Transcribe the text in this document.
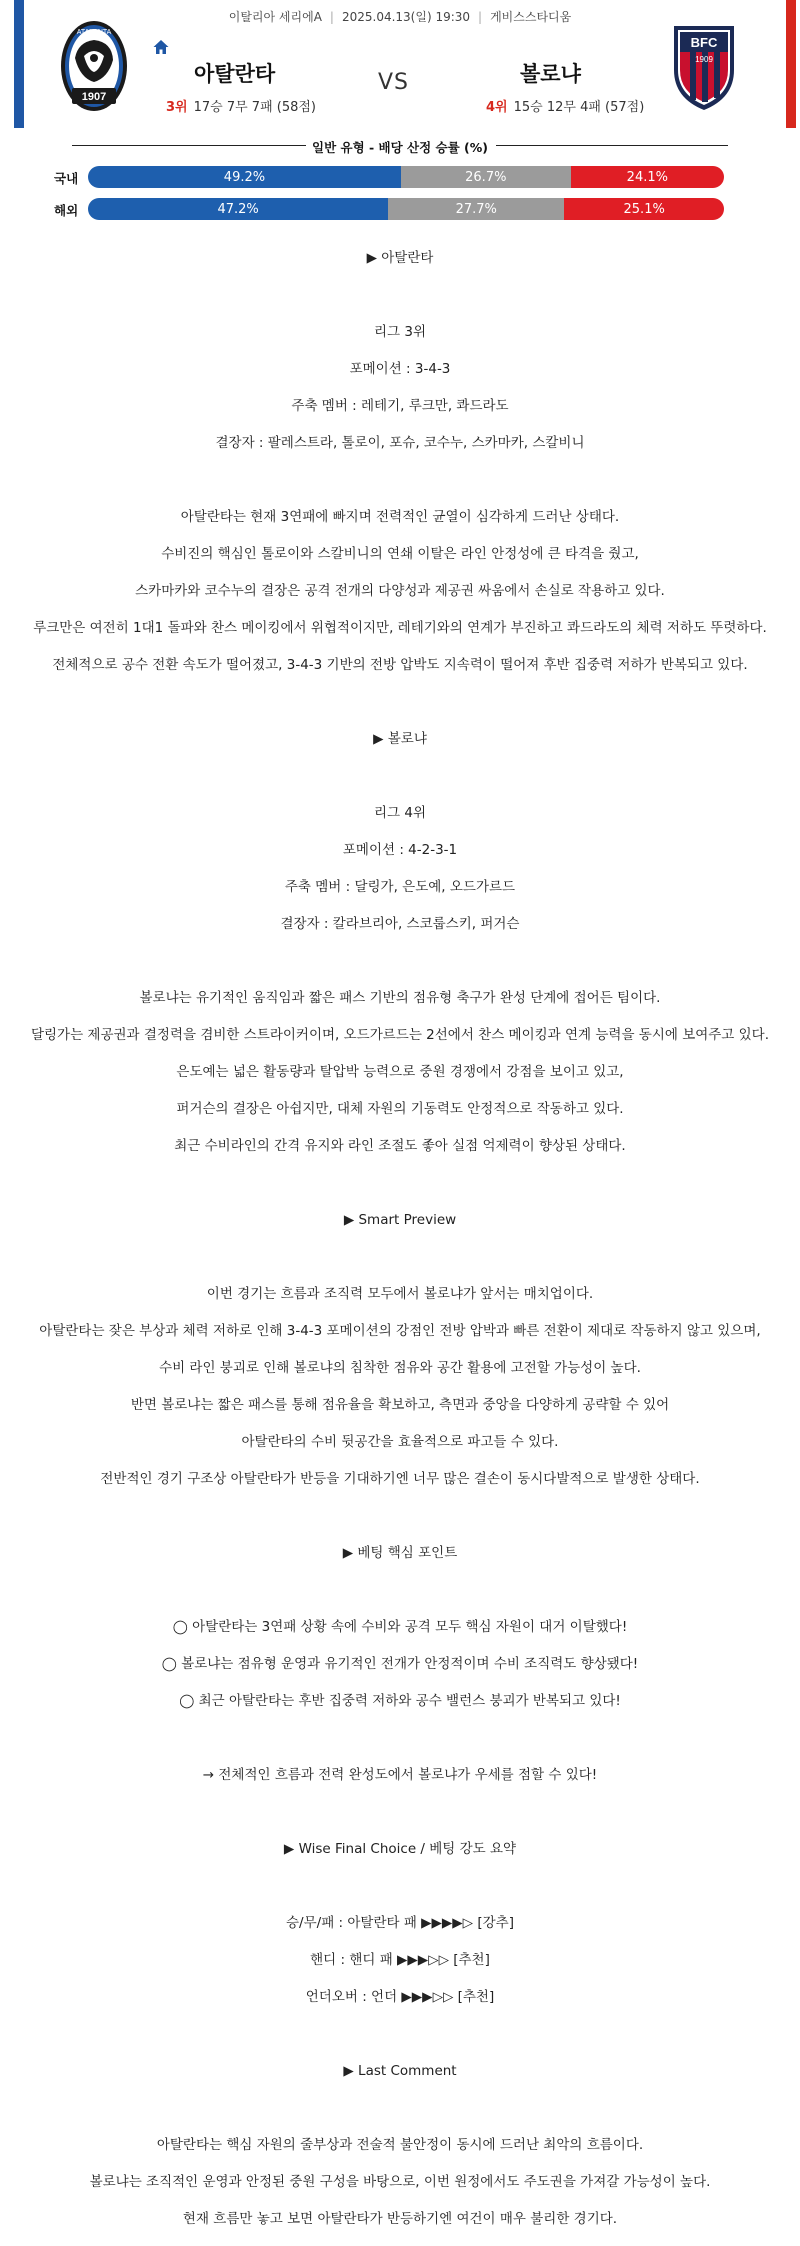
이탈리아 세리에A | 2025.04.13(일) 19:30 | 게비스스타디움
ATALANTA
1907
BFC
1909
아탈란타	VS	볼로냐
3위 17승 7무 7패 (58점)	4위 15승 12무 4패 (57점)
일반 유형 - 배당 산정 승률 (%)
국내	49.2%	26.7%	24.1%
해외	47.2%	27.7%	25.1%
▶ 아탈란타
리그 3위
포메이션 : 3-4-3
주축 멤버 : 레테기, 루크만, 콰드라도
결장자 : 팔레스트라, 톨로이, 포슈, 코수누, 스카마카, 스칼비니
아탈란타는 현재 3연패에 빠지며 전력적인 균열이 심각하게 드러난 상태다.
수비진의 핵심인 톨로이와 스칼비니의 연쇄 이탈은 라인 안정성에 큰 타격을 줬고,
스카마카와 코수누의 결장은 공격 전개의 다양성과 제공권 싸움에서 손실로 작용하고 있다.
루크만은 여전히 1대1 돌파와 찬스 메이킹에서 위협적이지만, 레테기와의 연계가 부진하고 콰드라도의 체력 저하도 뚜렷하다.
전체적으로 공수 전환 속도가 떨어졌고, 3-4-3 기반의 전방 압박도 지속력이 떨어져 후반 집중력 저하가 반복되고 있다.
▶ 볼로냐
리그 4위
포메이션 : 4-2-3-1
주축 멤버 : 달링가, 은도예, 오드가르드
결장자 : 칼라브리아, 스코룹스키, 퍼거슨
볼로냐는 유기적인 움직임과 짧은 패스 기반의 점유형 축구가 완성 단계에 접어든 팀이다.
달링가는 제공권과 결정력을 겸비한 스트라이커이며, 오드가르드는 2선에서 찬스 메이킹과 연계 능력을 동시에 보여주고 있다.
은도예는 넓은 활동량과 탈압박 능력으로 중원 경쟁에서 강점을 보이고 있고,
퍼거슨의 결장은 아쉽지만, 대체 자원의 기동력도 안정적으로 작동하고 있다.
최근 수비라인의 간격 유지와 라인 조절도 좋아 실점 억제력이 향상된 상태다.
▶ Smart Preview
이번 경기는 흐름과 조직력 모두에서 볼로냐가 앞서는 매치업이다.
아탈란타는 잦은 부상과 체력 저하로 인해 3-4-3 포메이션의 강점인 전방 압박과 빠른 전환이 제대로 작동하지 않고 있으며,
수비 라인 붕괴로 인해 볼로냐의 침착한 점유와 공간 활용에 고전할 가능성이 높다.
반면 볼로냐는 짧은 패스를 통해 점유율을 확보하고, 측면과 중앙을 다양하게 공략할 수 있어
아탈란타의 수비 뒷공간을 효율적으로 파고들 수 있다.
전반적인 경기 구조상 아탈란타가 반등을 기대하기엔 너무 많은 결손이 동시다발적으로 발생한 상태다.
▶ 베팅 핵심 포인트
◯ 아탈란타는 3연패 상황 속에 수비와 공격 모두 핵심 자원이 대거 이탈했다!
◯ 볼로냐는 점유형 운영과 유기적인 전개가 안정적이며 수비 조직력도 향상됐다!
◯ 최근 아탈란타는 후반 집중력 저하와 공수 밸런스 붕괴가 반복되고 있다!
→ 전체적인 흐름과 전력 완성도에서 볼로냐가 우세를 점할 수 있다!
▶ Wise Final Choice / 베팅 강도 요약
승/무/패 : 아탈란타 패 ▶▶▶▶▷ [강추]
핸디 : 핸디 패 ▶▶▶▷▷ [추천]
언더오버 : 언더 ▶▶▶▷▷ [추천]
▶ Last Comment
아탈란타는 핵심 자원의 줄부상과 전술적 불안정이 동시에 드러난 최악의 흐름이다.
볼로냐는 조직적인 운영과 안정된 중원 구성을 바탕으로, 이번 원정에서도 주도권을 가져갈 가능성이 높다.
현재 흐름만 놓고 보면 아탈란타가 반등하기엔 여건이 매우 불리한 경기다.
